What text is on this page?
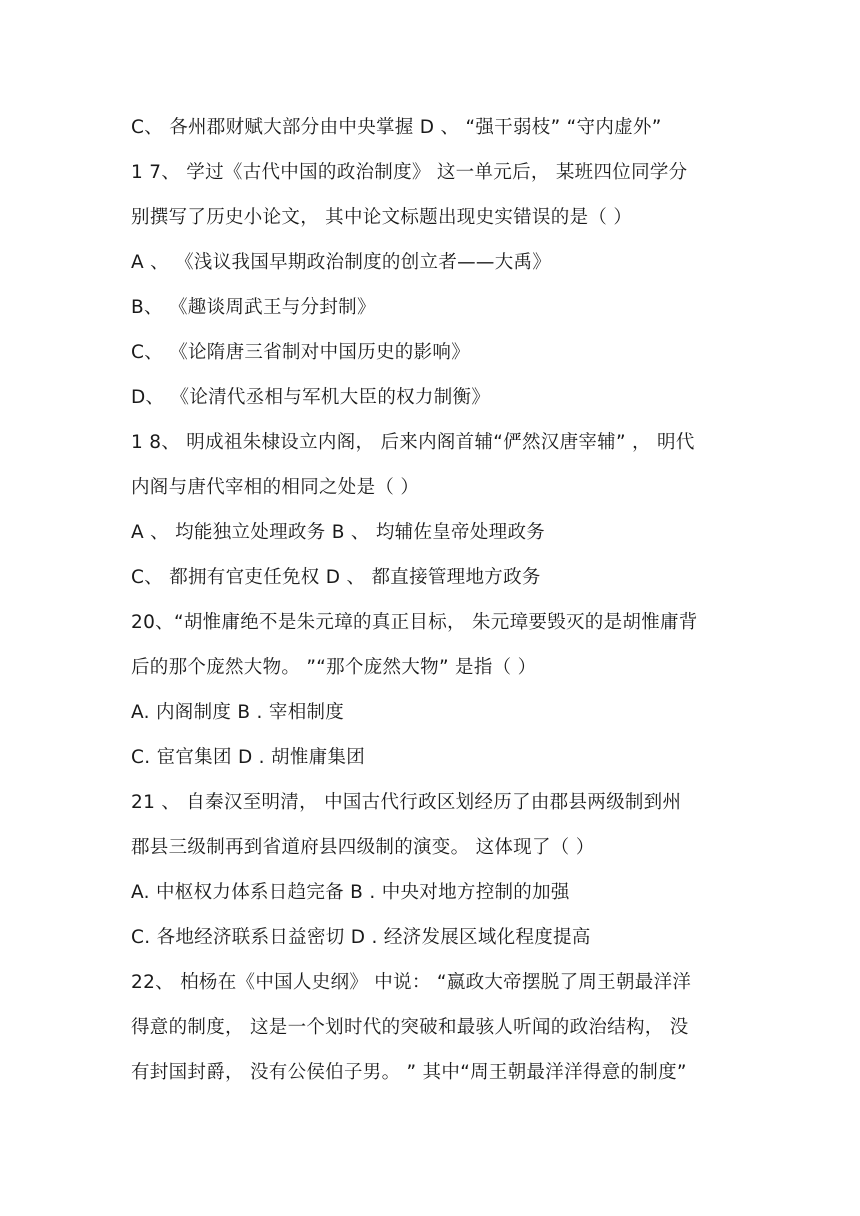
C、 各州郡财赋大部分由中央掌握 D 、 “强干弱枝” “守内虚外”
1 7、 学过《古代中国的政治制度》 这一单元后， 某班四位同学分
别撰写了历史小论文， 其中论文标题出现史实错误的是（ ）
A 、 《浅议我国早期政治制度的创立者——大禹》
B、 《趣谈周武王与分封制》
C、 《论隋唐三省制对中国历史的影响》
D、 《论清代丞相与军机大臣的权力制衡》
1 8、 明成祖朱棣设立内阁， 后来内阁首辅“俨然汉唐宰辅” ， 明代
内阁与唐代宰相的相同之处是（ ）
A 、 均能独立处理政务 B 、 均辅佐皇帝处理政务
C、 都拥有官吏任免权 D 、 都直接管理地方政务
20、“胡惟庸绝不是朱元璋的真正目标， 朱元璋要毁灭的是胡惟庸背
后的那个庞然大物。 ”“那个庞然大物” 是指（ ）
A. 内阁制度 B . 宰相制度
C. 宦官集团 D . 胡惟庸集团
21 、 自秦汉至明清， 中国古代行政区划经历了由郡县两级制到州
郡县三级制再到省道府县四级制的演变。 这体现了（ ）
A. 中枢权力体系日趋完备 B . 中央对地方控制的加强
C. 各地经济联系日益密切 D . 经济发展区域化程度提高
22、 柏杨在《中国人史纲》 中说： “嬴政大帝摆脱了周王朝最洋洋
得意的制度， 这是一个划时代的突破和最骇人听闻的政治结构， 没
有封国封爵， 没有公侯伯子男。 ” 其中“周王朝最洋洋得意的制度”
